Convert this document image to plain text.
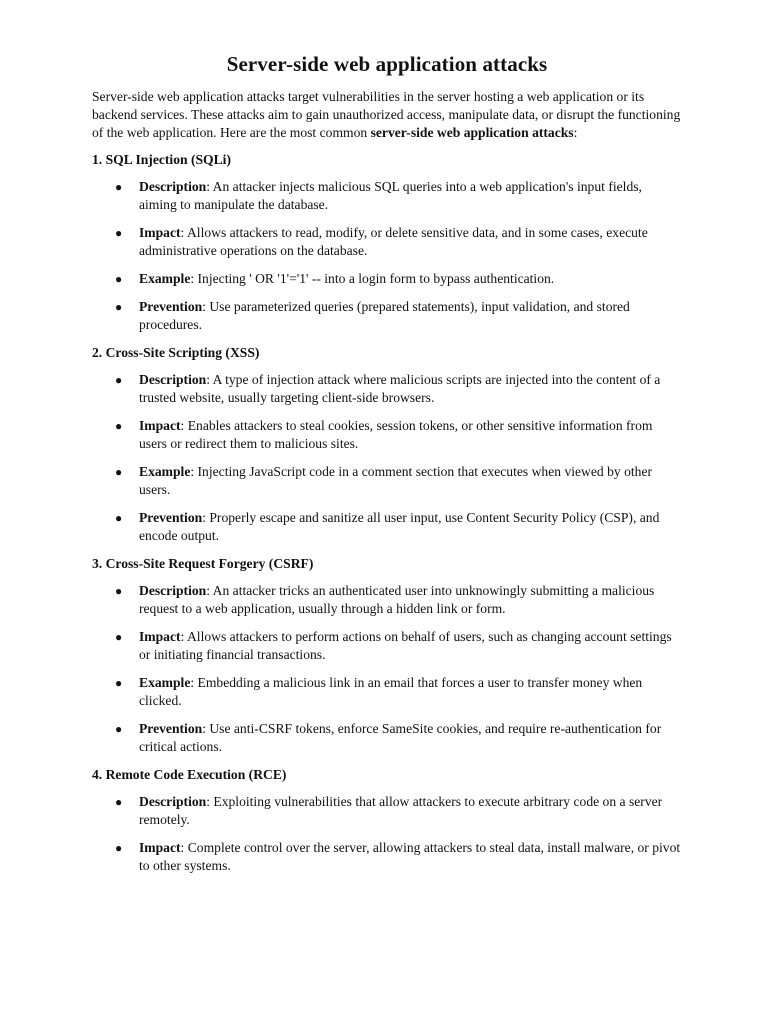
Server-side web application attacks

Server-side web application attacks target vulnerabilities in the server hosting a web application or its backend services. These attacks aim to gain unauthorized access, manipulate data, or disrupt the functioning of the web application. Here are the most common server-side web application attacks:

1. SQL Injection (SQLi)

● Description: An attacker injects malicious SQL queries into a web application's input fields, aiming to manipulate the database.
● Impact: Allows attackers to read, modify, or delete sensitive data, and in some cases, execute administrative operations on the database.
● Example: Injecting ' OR '1'='1' -- into a login form to bypass authentication.
● Prevention: Use parameterized queries (prepared statements), input validation, and stored procedures.

2. Cross-Site Scripting (XSS)

● Description: A type of injection attack where malicious scripts are injected into the content of a trusted website, usually targeting client-side browsers.
● Impact: Enables attackers to steal cookies, session tokens, or other sensitive information from users or redirect them to malicious sites.
● Example: Injecting JavaScript code in a comment section that executes when viewed by other users.
● Prevention: Properly escape and sanitize all user input, use Content Security Policy (CSP), and encode output.

3. Cross-Site Request Forgery (CSRF)

● Description: An attacker tricks an authenticated user into unknowingly submitting a malicious request to a web application, usually through a hidden link or form.
● Impact: Allows attackers to perform actions on behalf of users, such as changing account settings or initiating financial transactions.
● Example: Embedding a malicious link in an email that forces a user to transfer money when clicked.
● Prevention: Use anti-CSRF tokens, enforce SameSite cookies, and require re-authentication for critical actions.

4. Remote Code Execution (RCE)

● Description: Exploiting vulnerabilities that allow attackers to execute arbitrary code on a server remotely.
● Impact: Complete control over the server, allowing attackers to steal data, install malware, or pivot to other systems.
